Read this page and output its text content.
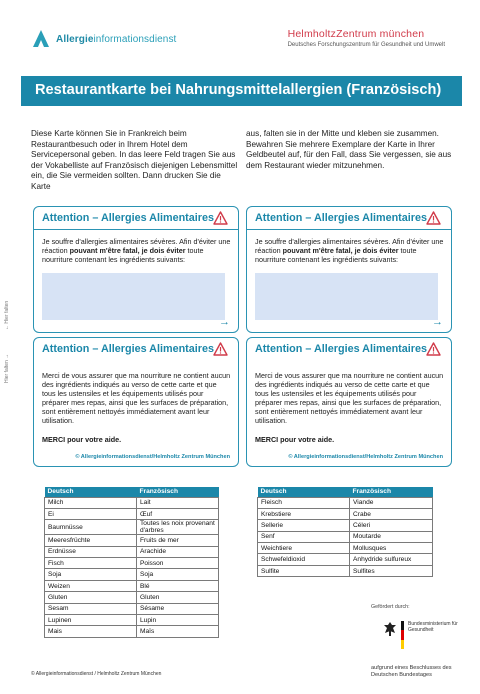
Allergieinformationsdienst	HelmholtzZentrum münchen
Deutsches Forschungszentrum für Gesundheit und Umwelt
Restaurantkarte bei Nahrungsmittelallergien (Französisch)
Diese Karte können Sie in Frankreich beim Restaurantbesuch oder in Ihrem Hotel dem Servicepersonal geben. In das leere Feld tragen Sie aus der Vokabelliste auf Französisch diejenigen Lebensmittel ein, die Sie vermeiden sollten. Dann drucken Sie die Karte
aus, falten sie in der Mitte und kleben sie zusammen. Bewahren Sie mehrere Exemplare der Karte in Ihrer Geldbeutel auf, für den Fall, dass Sie vergessen, sie aus dem Restaurant wieder mitzunehmen.
← Hier falten
Hier falten →
Attention – Allergies Alimentaires
Je souffre d'allergies alimentaires sévères. Afin d'éviter une réaction pouvant m'être fatal, je dois éviter toute nourriture contenant les ingrédients suivants:
→
Attention – Allergies Alimentaires
Je souffre d'allergies alimentaires sévères. Afin d'éviter une réaction pouvant m'être fatal, je dois éviter toute nourriture contenant les ingrédients suivants:
→
Attention – Allergies Alimentaires
Merci de vous assurer que ma nourriture ne contient aucun des ingrédients indiqués au verso de cette carte et que tous les ustensiles et les équipements utilisés pour préparer mes repas, ainsi que les surfaces de préparation, sont entièrement nettoyés immédiatement avant leur utilisation.
MERCI pour votre aide.
© Allergieinformationsdienst/Helmholtz Zentrum München
Attention – Allergies Alimentaires
Merci de vous assurer que ma nourriture ne contient aucun des ingrédients indiqués au verso de cette carte et que tous les ustensiles et les équipements utilisés pour préparer mes repas, ainsi que les surfaces de préparation, sont entièrement nettoyés immédiatement avant leur utilisation.
MERCI pour votre aide.
© Allergieinformationsdienst/Helmholtz Zentrum München
Deutsch	Französisch
Milch	Lait
Ei	Œuf
Baumnüsse	Toutes les noix provenant d'arbres
Meeresfrüchte	Fruits de mer
Erdnüsse	Arachide
Fisch	Poisson
Soja	Soja
Weizen	Blé
Gluten	Gluten
Sesam	Sésame
Lupinen	Lupin
Mais	Maïs
Deutsch	Französisch
Fleisch	Viande
Krebstiere	Crabe
Sellerie	Céleri
Senf	Moutarde
Weichtiere	Mollusques
Schwefeldioxid	Anhydride sulfureux
Sulfite	Sulfites
Gefördert durch:
Bundesministerium für Gesundheit
aufgrund eines Beschlusses des Deutschen Bundestages
© Allergieinformationsdienst / Helmholtz Zentrum München
